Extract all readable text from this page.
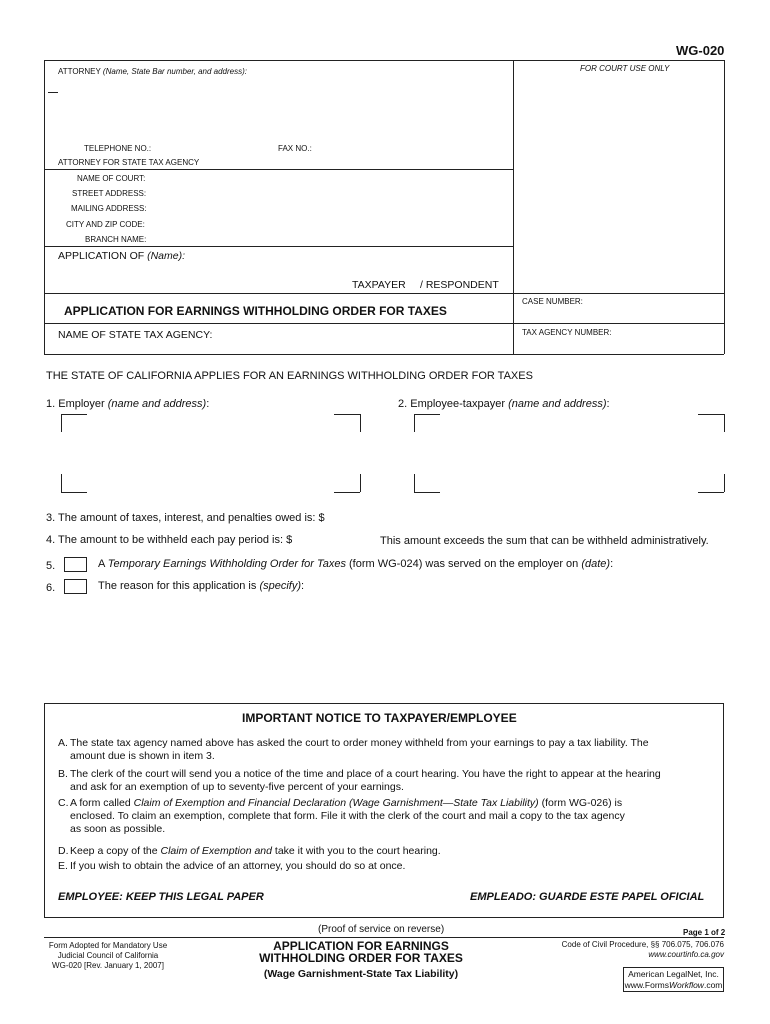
WG-020
ATTORNEY (Name, State Bar number, and address):	FOR COURT USE ONLY
TELEPHONE NO.:	FAX NO.:
ATTORNEY FOR STATE TAX AGENCY
NAME OF COURT:
STREET ADDRESS:
MAILING ADDRESS:
CITY AND ZIP CODE:
BRANCH NAME:
APPLICATION OF (Name):
TAXPAYER / RESPONDENT
APPLICATION FOR EARNINGS WITHHOLDING ORDER FOR TAXES
CASE NUMBER:
NAME OF STATE TAX AGENCY:	TAX AGENCY NUMBER:
THE STATE OF CALIFORNIA APPLIES FOR AN EARNINGS WITHHOLDING ORDER FOR TAXES
1. Employer (name and address):	2. Employee-taxpayer (name and address):
3. The amount of taxes, interest, and penalties owed is: $
4. The amount to be withheld each pay period is: $	This amount exceeds the sum that can be withheld administratively.
5.	A Temporary Earnings Withholding Order for Taxes (form WG-024) was served on the employer on (date):
6.	The reason for this application is (specify):
IMPORTANT NOTICE TO TAXPAYER/EMPLOYEE
A. The state tax agency named above has asked the court to order money withheld from your earnings to pay a tax liability. The
amount due is shown in item 3.
B. The clerk of the court will send you a notice of the time and place of a court hearing. You have the right to appear at the hearing
and ask for an exemption of up to seventy-five percent of your earnings.
C. A form called Claim of Exemption and Financial Declaration (Wage Garnishment—State Tax Liability) (form WG-026) is
enclosed. To claim an exemption, complete that form. File it with the clerk of the court and mail a copy to the tax agency
as soon as possible.
D. Keep a copy of the Claim of Exemption and take it with you to the court hearing.
E. If you wish to obtain the advice of an attorney, you should do so at once.
EMPLOYEE: KEEP THIS LEGAL PAPER	EMPLEADO: GUARDE ESTE PAPEL OFICIAL
(Proof of service on reverse)	Page 1 of 2
Form Adopted for Mandatory Use
Judicial Council of California
WG-020 [Rev. January 1, 2007]
APPLICATION FOR EARNINGS
WITHHOLDING ORDER FOR TAXES
(Wage Garnishment-State Tax Liability)
Code of Civil Procedure, §§ 706.075, 706.076
www.courtinfo.ca.gov
American LegalNet, Inc.
www.FormsWorkflow.com
